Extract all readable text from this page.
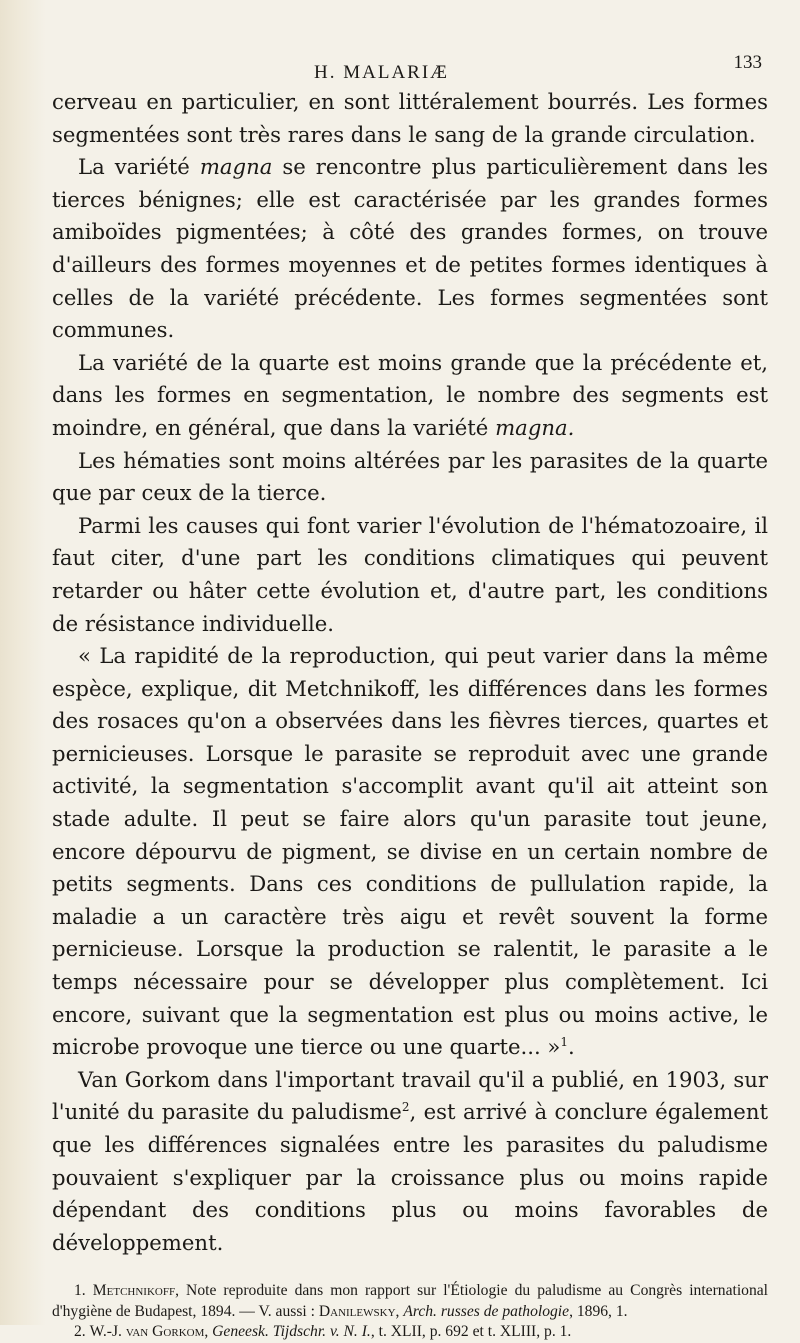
H. MALARIÆ	133

cerveau en particulier, en sont littéralement bourrés. Les formes segmentées sont très rares dans le sang de la grande circulation.

La variété magna se rencontre plus particulièrement dans les tierces bénignes; elle est caractérisée par les grandes formes amiboïdes pigmentées; à côté des grandes formes, on trouve d'ailleurs des formes moyennes et de petites formes identiques à celles de la variété précédente. Les formes segmentées sont communes.

La variété de la quarte est moins grande que la précédente et, dans les formes en segmentation, le nombre des segments est moindre, en général, que dans la variété magna.

Les hématies sont moins altérées par les parasites de la quarte que par ceux de la tierce.

Parmi les causes qui font varier l'évolution de l'hématozoaire, il faut citer, d'une part les conditions climatiques qui peuvent retarder ou hâter cette évolution et, d'autre part, les conditions de résistance individuelle.

« La rapidité de la reproduction, qui peut varier dans la même espèce, explique, dit Metchnikoff, les différences dans les formes des rosaces qu'on a observées dans les fièvres tierces, quartes et pernicieuses. Lorsque le parasite se reproduit avec une grande activité, la segmentation s'accomplit avant qu'il ait atteint son stade adulte. Il peut se faire alors qu'un parasite tout jeune, encore dépourvu de pigment, se divise en un certain nombre de petits segments. Dans ces conditions de pullulation rapide, la maladie a un caractère très aigu et revêt souvent la forme pernicieuse. Lorsque la production se ralentit, le parasite a le temps nécessaire pour se développer plus complètement. Ici encore, suivant que la segmentation est plus ou moins active, le microbe provoque une tierce ou une quarte... »$^1$.

Van Gorkom dans l'important travail qu'il a publié, en 1903, sur l'unité du parasite du paludisme$^2$, est arrivé à conclure également que les différences signalées entre les parasites du paludisme pouvaient s'expliquer par la croissance plus ou moins rapide dépendant des conditions plus ou moins favorables de développement.

1. Metchnikoff, Note reproduite dans mon rapport sur l'Étiologie du paludisme au Congrès international d'hygiène de Budapest, 1894. — V. aussi : Danilewsky, Arch. russes de pathologie, 1896, 1.

2. W.-J. van Gorkom, Geneesk. Tijdschr. v. N. I., t. XLII, p. 692 et t. XLIII, p. 1.
